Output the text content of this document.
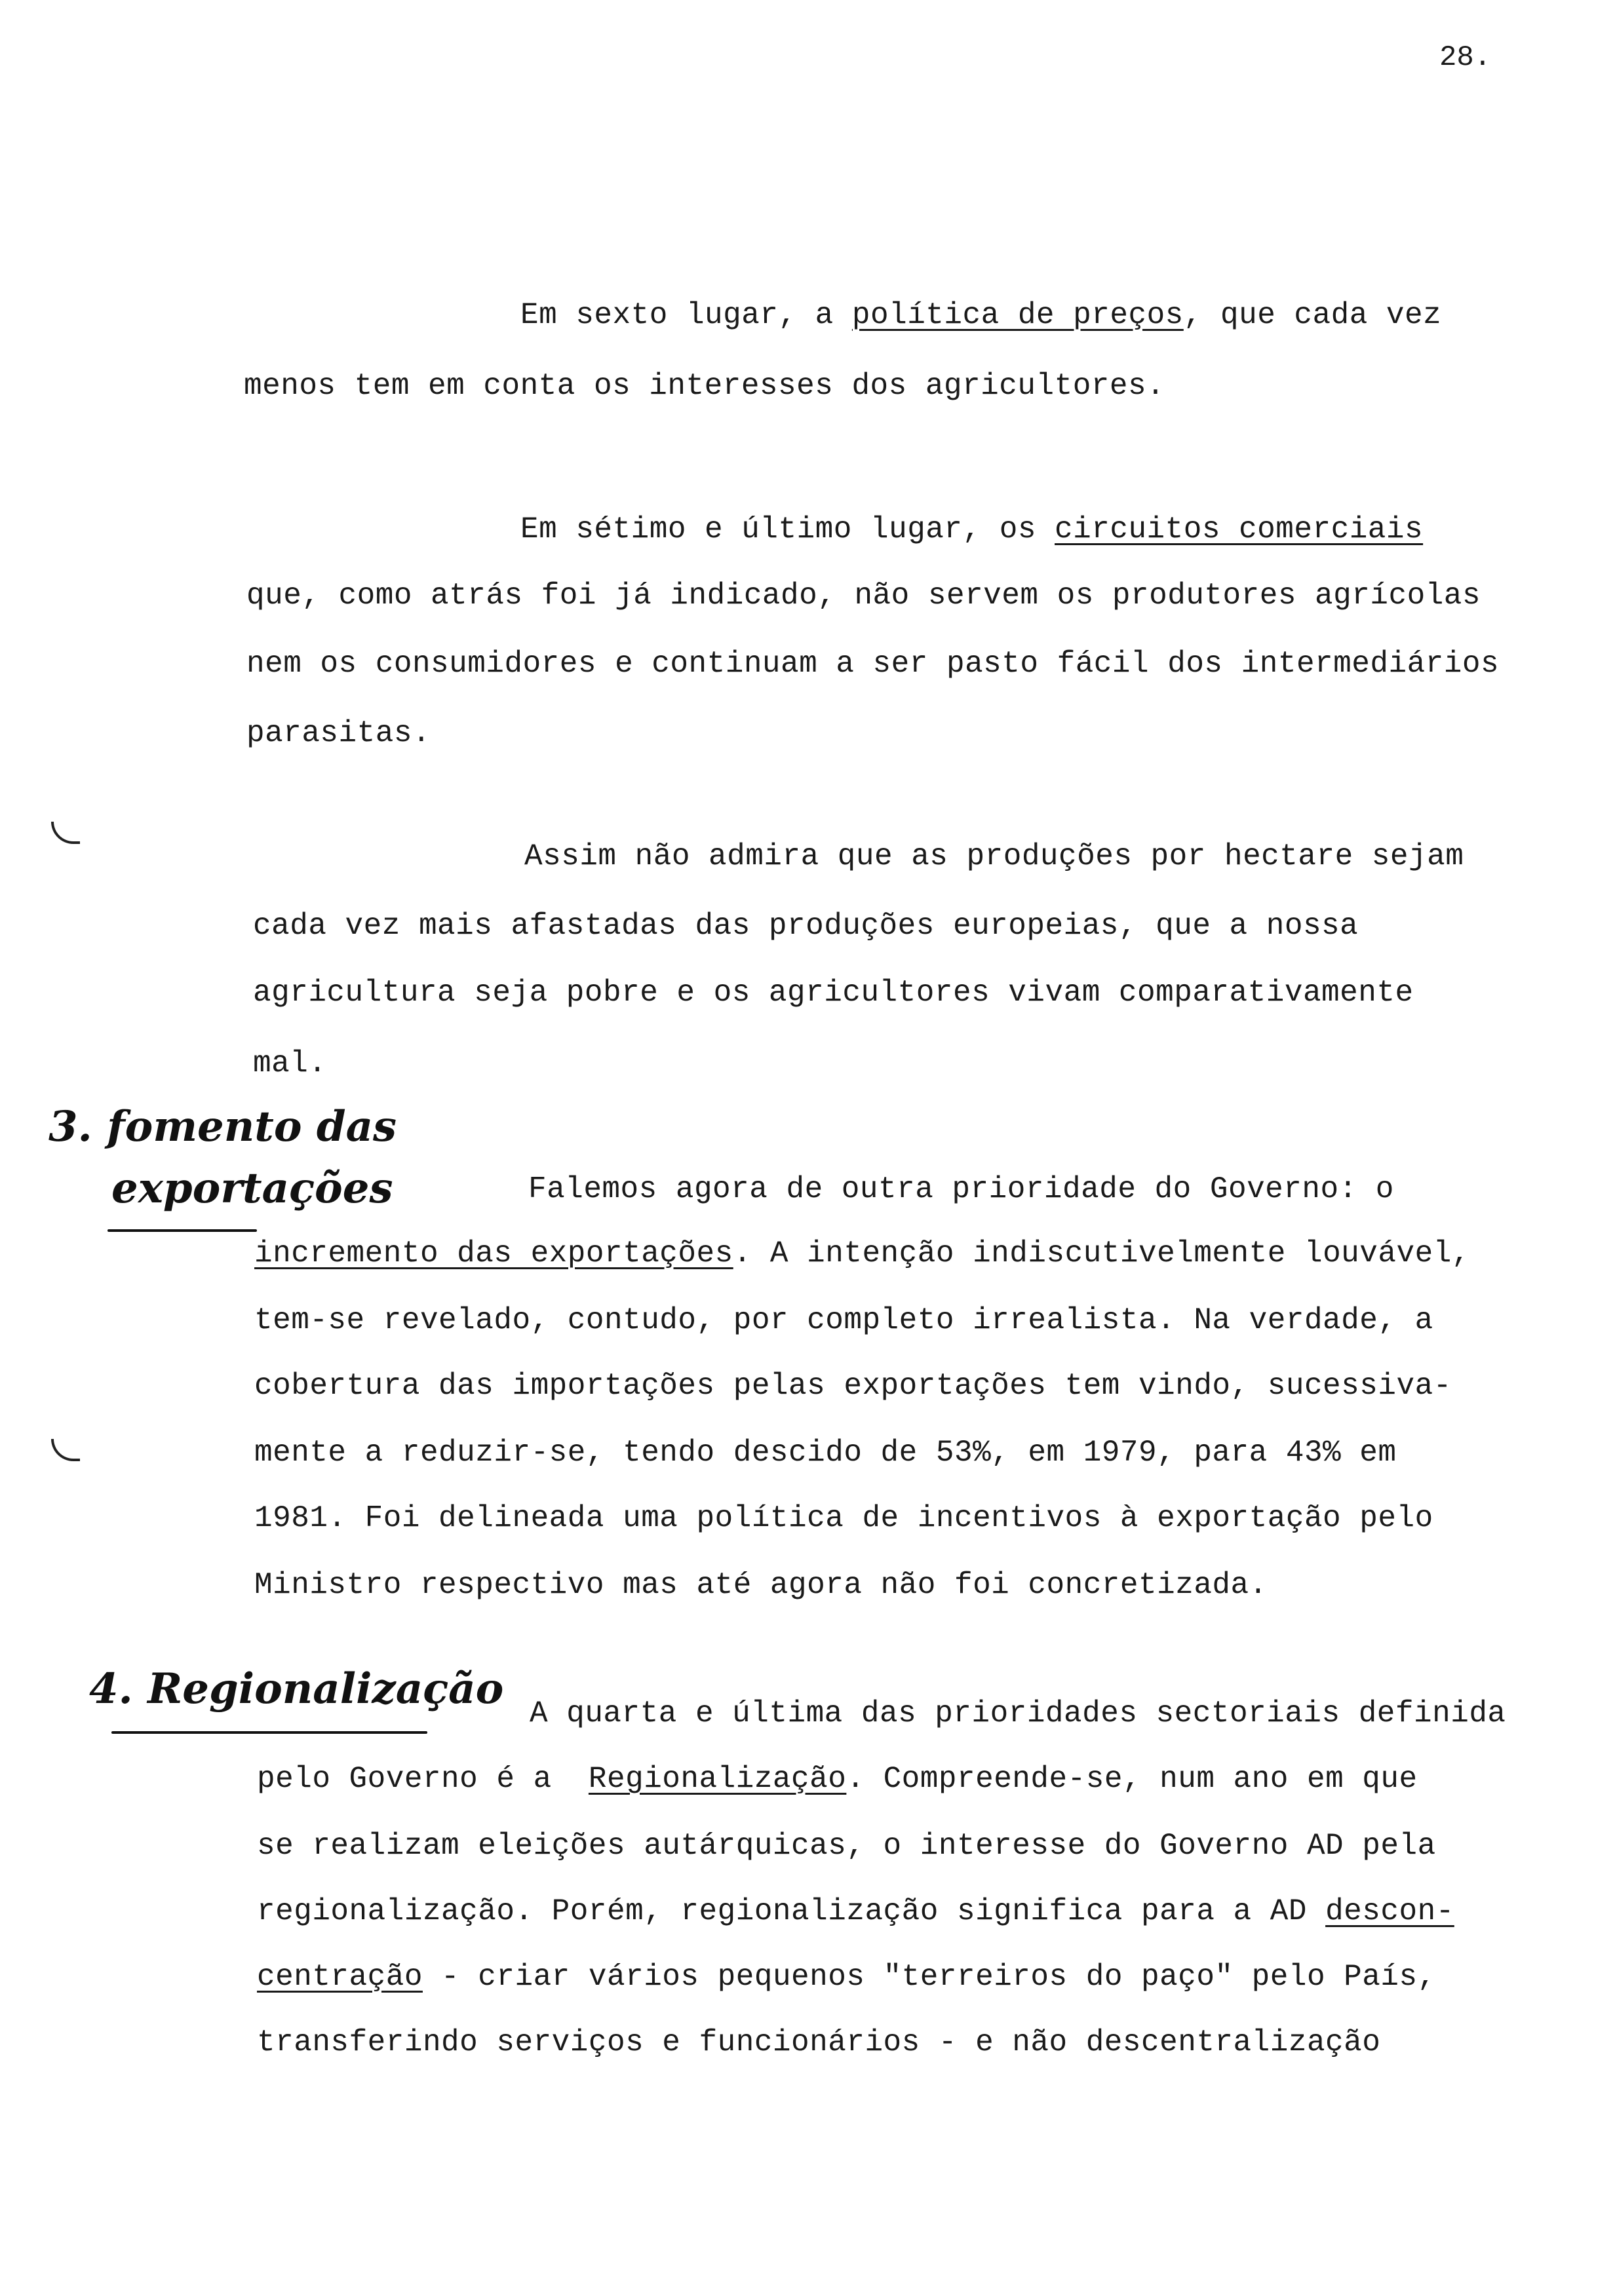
28.
Em sexto lugar, a política de preços, que cada vez
menos tem em conta os interesses dos agricultores.
Em sétimo e último lugar, os circuitos comerciais
que, como atrás foi já indicado, não servem os produtores agrícolas
nem os consumidores e continuam a ser pasto fácil dos intermediários
parasitas.
Assim não admira que as produções por hectare sejam
cada vez mais afastadas das produções europeias, que a nossa
agricultura seja pobre e os agricultores vivam comparativamente
mal.
3. fomento das
exportações	Falemos agora de outra prioridade do Governo: o
incremento das exportações. A intenção indiscutivelmente louvável,
tem-se revelado, contudo, por completo irrealista. Na verdade, a
cobertura das importações pelas exportações tem vindo, sucessiva-
mente a reduzir-se, tendo descido de 53%, em 1979, para 43% em
1981. Foi delineada uma política de incentivos à exportação pelo
Ministro respectivo mas até agora não foi concretizada.
4. Regionalização A quarta e última das prioridades sectoriais definida
pelo Governo é a  Regionalização. Compreende-se, num ano em que
se realizam eleições autárquicas, o interesse do Governo AD pela
regionalização. Porém, regionalização significa para a AD descon-
centração - criar vários pequenos "terreiros do paço" pelo País,
transferindo serviços e funcionários - e não descentralização
